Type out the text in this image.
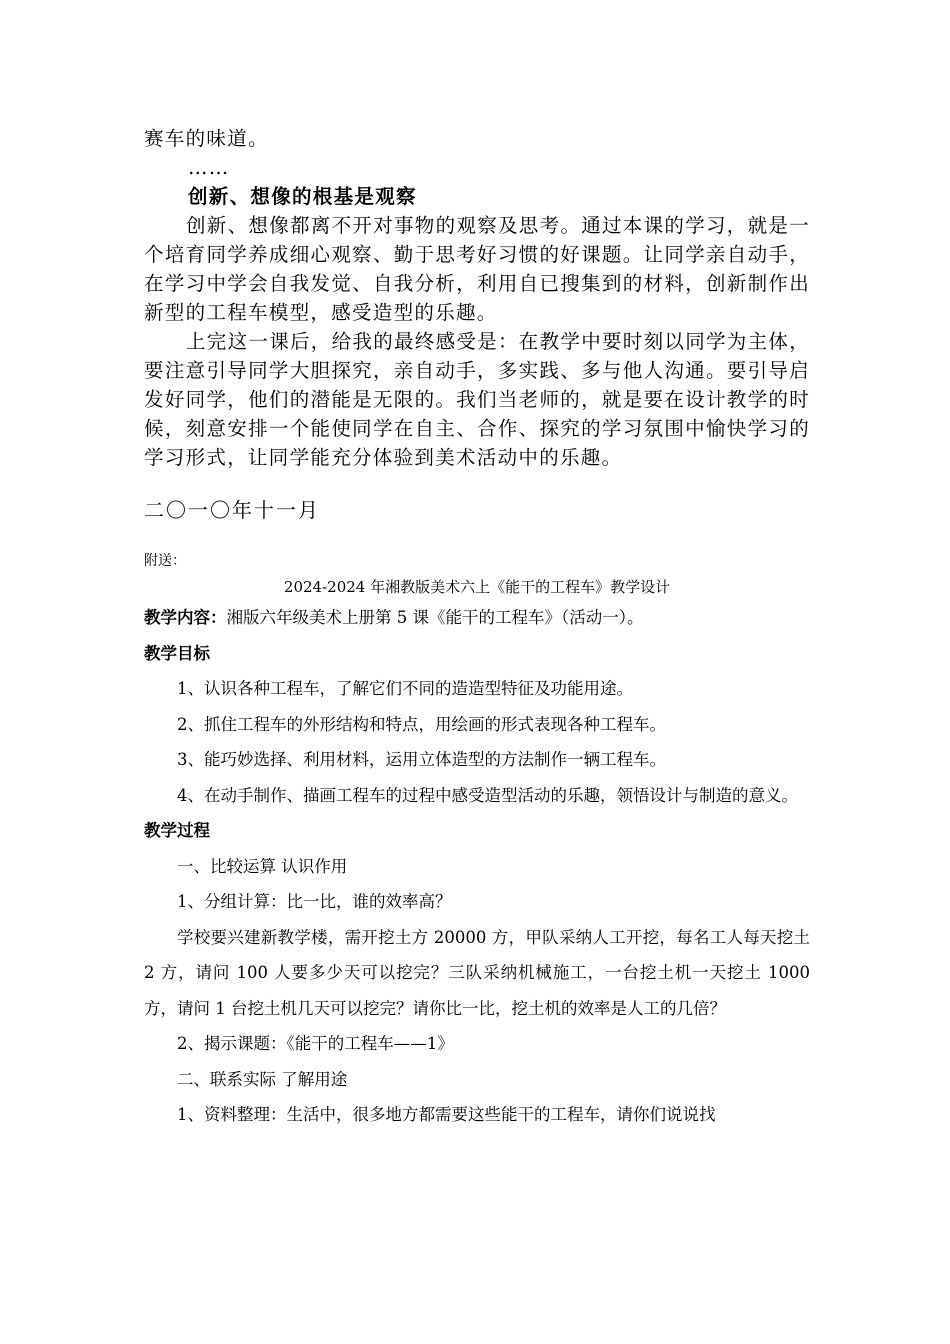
赛车的味道。

……

创新、想像的根基是观察

创新、想像都离不开对事物的观察及思考。通过本课的学习，就是一个培育同学养成细心观察、勤于思考好习惯的好课题。让同学亲自动手，在学习中学会自我发觉、自我分析，利用自已搜集到的材料，创新制作出新型的工程车模型，感受造型的乐趣。

上完这一课后，给我的最终感受是：在教学中要时刻以同学为主体，要注意引导同学大胆探究，亲自动手，多实践、多与他人沟通。要引导启发好同学，他们的潜能是无限的。我们当老师的，就是要在设计教学的时候，刻意安排一个能使同学在自主、合作、探究的学习氛围中愉快学习的学习形式，让同学能充分体验到美术活动中的乐趣。

二〇一〇年十一月

附送：

2024-2024 年湘教版美术六上《能干的工程车》教学设计

教学内容：湘版六年级美术上册第 5 课《能干的工程车》（活动一）。

教学目标

1、认识各种工程车，了解它们不同的造造型特征及功能用途。

2、抓住工程车的外形结构和特点，用绘画的形式表现各种工程车。

3、能巧妙选择、利用材料，运用立体造型的方法制作一辆工程车。

4、在动手制作、描画工程车的过程中感受造型活动的乐趣，领悟设计与制造的意义。

教学过程

一、比较运算 认识作用

1、分组计算：比一比，谁的效率高？

学校要兴建新教学楼，需开挖土方 20000 方，甲队采纳人工开挖，每名工人每天挖土 2 方，请问 100 人要多少天可以挖完？三队采纳机械施工，一台挖土机一天挖土 1000 方，请问 1 台挖土机几天可以挖完？请你比一比，挖土机的效率是人工的几倍？

2、揭示课题：《能干的工程车——1》

二、联系实际 了解用途

1、资料整理：生活中，很多地方都需要这些能干的工程车，请你们说说找
